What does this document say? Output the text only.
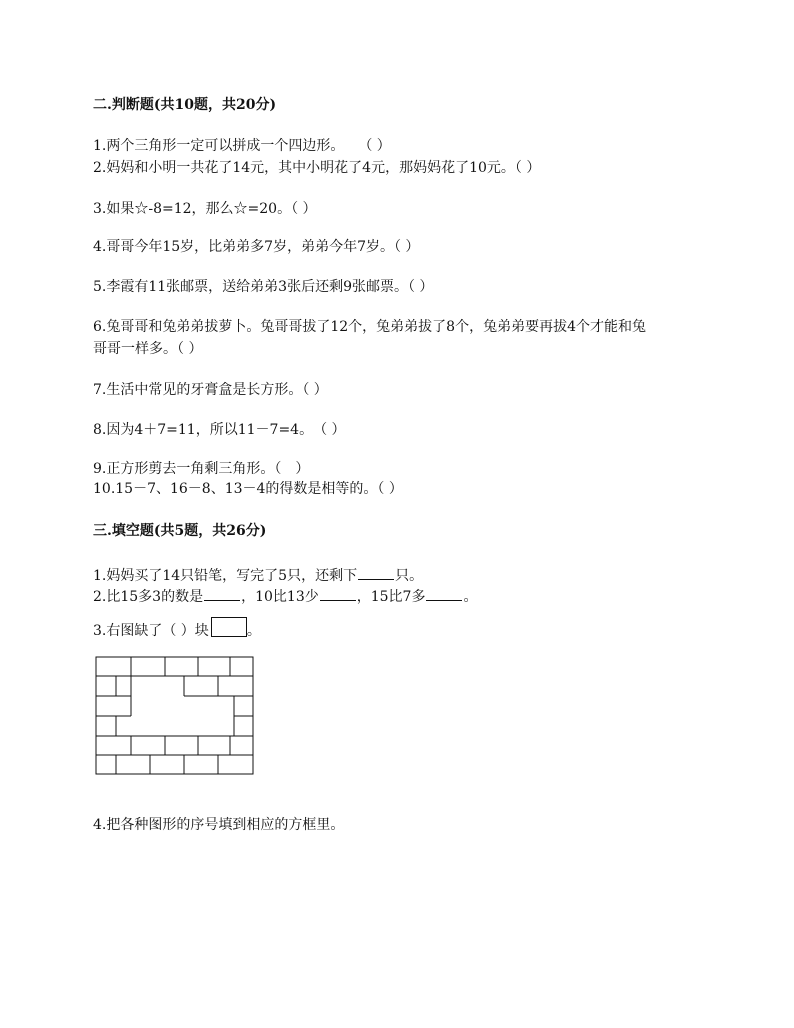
二.判断题(共10题，共20分)
1.两个三角形一定可以拼成一个四边形。　　（ ）
2.妈妈和小明一共花了14元，其中小明花了4元，那妈妈花了10元。（ ）
3.如果☆-8=12，那么☆=20。（ ）
4.哥哥今年15岁，比弟弟多7岁，弟弟今年7岁。（ ）
5.李霞有11张邮票，送给弟弟3张后还剩9张邮票。（ ）
6.兔哥哥和兔弟弟拔萝卜。兔哥哥拔了12个，兔弟弟拔了8个，兔弟弟要再拔4个才能和兔
哥哥一样多。（ ）
7.生活中常见的牙膏盒是长方形。（ ）
8.因为4＋7=11，所以11－7=4。　（ ）
9.正方形剪去一角剩三角形。（　）
10.15－7、16－8、13－4的得数是相等的。（ ）
三.填空题(共5题，共26分)
1.妈妈买了14只铅笔，写完了5只，还剩下	只。
2.比15多3的数是	，10比13少	，15比7多	。
3.右图缺了（ ）块	。
4.把各种图形的序号填到相应的方框里。
